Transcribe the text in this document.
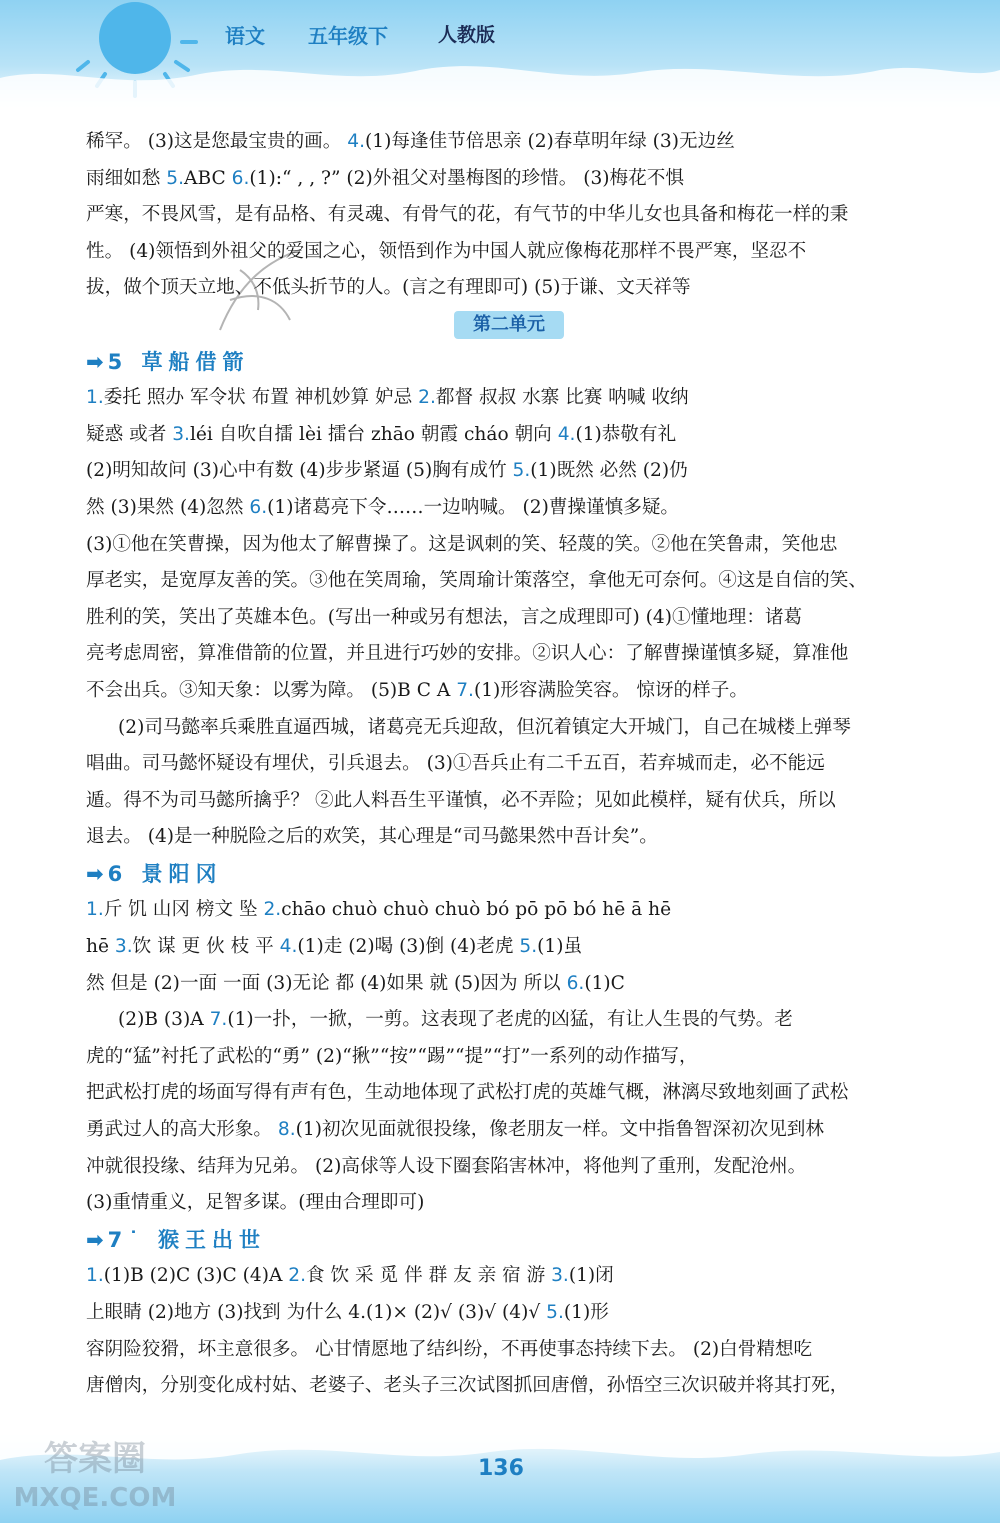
语文 五年级下	人教版
稀罕。 (3)这是您最宝贵的画。 4.(1)每逢佳节倍思亲 (2)春草明年绿 (3)无边丝
雨细如愁 5.ABC 6.(1):“ , , ?” (2)外祖父对墨梅图的珍惜。 (3)梅花不惧
严寒，不畏风雪，是有品格、有灵魂、有骨气的花，有气节的中华儿女也具备和梅花一样的秉
性。 (4)领悟到外祖父的爱国之心，领悟到作为中国人就应像梅花那样不畏严寒，坚忍不
拔，做个顶天立地、不低头折节的人。(言之有理即可) (5)于谦、文天祥等
第二单元
➡ 5 草船借箭
1.委托 照办 军令状 布置 神机妙算 妒忌 2.都督 叔叔 水寨 比赛 呐喊 收纳
疑惑 或者 3.léi 自吹自擂 lèi 擂台 zhāo 朝霞 cháo 朝向 4.(1)恭敬有礼
(2)明知故问 (3)心中有数 (4)步步紧逼 (5)胸有成竹 5.(1)既然 必然 (2)仍
然 (3)果然 (4)忽然 6.(1)诸葛亮下令……一边呐喊。 (2)曹操谨慎多疑。
(3)①他在笑曹操，因为他太了解曹操了。这是讽刺的笑、轻蔑的笑。②他在笑鲁肃，笑他忠
厚老实，是宽厚友善的笑。③他在笑周瑜，笑周瑜计策落空，拿他无可奈何。④这是自信的笑、
胜利的笑，笑出了英雄本色。(写出一种或另有想法，言之成理即可) (4)①懂地理：诸葛
亮考虑周密，算准借箭的位置，并且进行巧妙的安排。②识人心：了解曹操谨慎多疑，算准他
不会出兵。③知天象：以雾为障。 (5)B C A 7.(1)形容满脸笑容。 惊讶的样子。
(2)司马懿率兵乘胜直逼西城，诸葛亮无兵迎敌，但沉着镇定大开城门，自己在城楼上弹琴
唱曲。司马懿怀疑设有埋伏，引兵退去。 (3)①吾兵止有二千五百，若弃城而走，必不能远
遁。得不为司马懿所擒乎？ ②此人料吾生平谨慎，必不弄险；见如此模样，疑有伏兵，所以
退去。 (4)是一种脱险之后的欢笑，其心理是“司马懿果然中吾计矣”。
➡ 6 景阳冈
1.斤 饥 山冈 榜文 坠 2.chāo chuò chuò chuò bó pō pō bó hē ā hē
hē 3.饮 谋 更 伙 枝 平 4.(1)走 (2)喝 (3)倒 (4)老虎 5.(1)虽
然 但是 (2)一面 一面 (3)无论 都 (4)如果 就 (5)因为 所以 6.(1)C
(2)B (3)A 7.(1)一扑，一掀，一剪。这表现了老虎的凶猛，有让人生畏的气势。老
虎的“猛”衬托了武松的“勇” (2)“揪”“按”“踢”“提”“打”一系列的动作描写，
把武松打虎的场面写得有声有色，生动地体现了武松打虎的英雄气概，淋漓尽致地刻画了武松
勇武过人的高大形象。 8.(1)初次见面就很投缘，像老朋友一样。文中指鲁智深初次见到林
冲就很投缘、结拜为兄弟。 (2)高俅等人设下圈套陷害林冲，将他判了重刑，发配沧州。
(3)重情重义，足智多谋。(理由合理即可)
➡ 7˙ 猴王出世
1.(1)B (2)C (3)C (4)A 2.食 饮 采 觅 伴 群 友 亲 宿 游 3.(1)闭
上眼睛 (2)地方 (3)找到 为什么 4.(1)× (2)√ (3)√ (4)√ 5.(1)形
容阴险狡猾，坏主意很多。 心甘情愿地了结纠纷，不再使事态持续下去。 (2)白骨精想吃
唐僧肉，分别变化成村姑、老婆子、老头子三次试图抓回唐僧，孙悟空三次识破并将其打死，
136
答案圈
MXQE.COM
